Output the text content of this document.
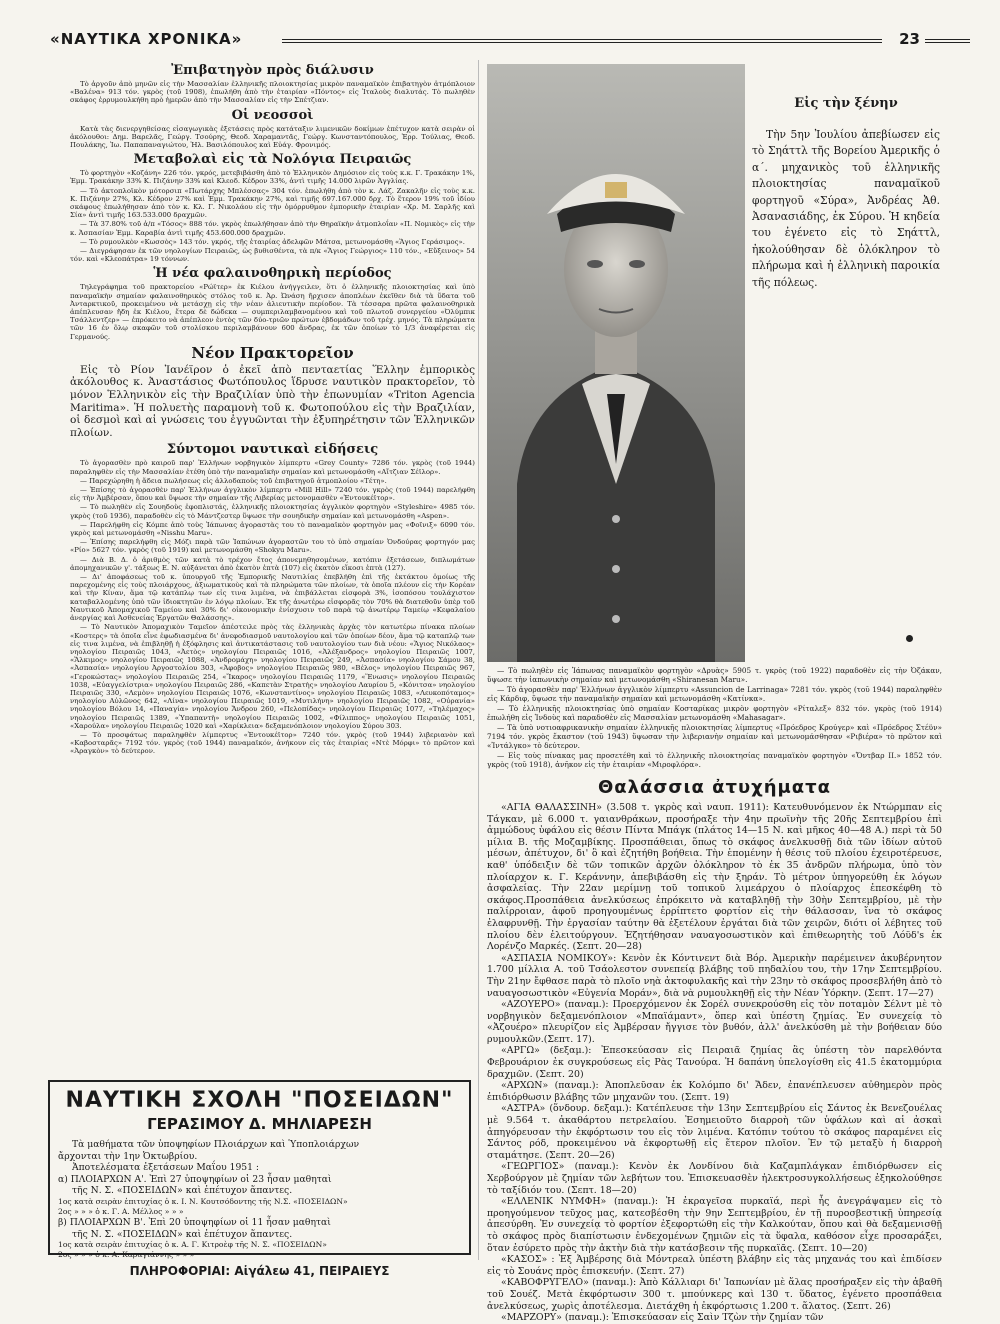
«ΝΑΥΤΙΚΑ ΧΡΟΝΙΚΑ»	23
Ἐπιβατηγὸν πρὸς διάλυσιν

Τὸ ἀργοῦν ἀπὸ μηνῶν εἰς τὴν Μασσαλίαν ἑλληνικῆς πλοιοκτησίας μικρὸν παναμαϊκὸν ἐπιβατηγὸν ἀτμόπλοιον «Βαλένα» 913 τόν. γκρὸς (τοῦ 1908), ἐπωλήθη ἀπὸ τὴν ἑταιρίαν «Πόντος» εἰς Ἰταλοὺς διαλυτάς. Τὸ πωληθὲν σκάφος ἐρρυμουλκήθη πρὸ ἡμερῶν ἀπὸ τὴν Μασσαλίαν εἰς τὴν Σπέτζιαν.

Οἱ νεοσσοὶ

Κατὰ τὰς διενεργηθείσας εἰσαγωγικὰς ἐξετάσεις πρὸς κατάταξιν λιμενικῶν δοκίμων ἐπέτυχον κατὰ σειρὰν οἱ ἀκόλουθοι: Δημ. Βαρελᾶς, Γεώργ. Τσούρης, Θεοδ. Χαραμαντᾶς, Γεώργ. Κωνσταντόπουλος, Ἑρρ. Τούλιας, Θεοδ. Πουλάκης, Ἰω. Παπαπαναγιώτου, Ἠλ. Βασιλόπουλος καὶ Εὐάγ. Φρονιμός.

Μεταβολαὶ εἰς τὰ Νολόγια Πειραιῶς

Τὸ φορτηγὸν «Κοζάνη» 226 τόν. γκρός, μετεβιβάσθη ἀπὸ τὸ Ἑλληνικὸν Δημόσιον εἰς τοὺς κ.κ. Γ. Τρακάκην 1%, Ἐμμ. Τρακάκην 33% Κ. Πιζάνην 33% καὶ Κλεοδ. Κέδρον 33%, ἀντὶ τιμῆς 14.000 λιρῶν Ἀγγλίας.

— Τὸ ἀκτοπλοϊκὸν μότορσιπ «Πωτάρχης Μπλέσσας» 304 τόν. ἐπωλήθη ἀπὸ τὸν κ. Λάζ. Ζακαλῆν εἰς τοὺς κ.κ. Κ. Πιζάνην 27%, Κλ. Κέδρον 27% καὶ Ἐμμ. Τρακάκην 27%, καὶ τιμῆς 697.167.000 δρχ. Τὸ ἕτερον 19% τοῦ ἰδίου σκάφους ἐπωλήθησαν ἀπὸ τὸν κ. Κλ. Γ. Νικολάου εἰς τὴν ὁμόρρυθμον ἐμπορικὴν ἑταιρίαν «Χρ. Μ. Σαρλῆς καὶ Σία» ἀντὶ τιμῆς 163.533.000 δραχμῶν.

— Τὰ 37.80% τοῦ ἀ/π «Τόσος» 888 τόν. γκρὸς ἐπωλήθησαν ἀπὸ τὴν Θηραϊκὴν ἀτμοπλοΐαν «Π. Νομικὸς» εἰς τὴν κ. Ἀσπασίαν Ἐμμ. Καραβία ἀντὶ τιμῆς 453.600.000 δραχμῶν.

— Τὸ ρυμουλκὸν «Κωσσὸς» 143 τόν. γκρός, τῆς ἑταιρίας ἀδελφῶν Μάτσα, μετωνομάσθη «Ἅγιος Γεράσιμος».

— Διεγράφησαν ἐκ τῶν νηολογίων Πειραιῶς, ὡς βυθισθέντα, τὰ π/κ «Ἅγιος Γεώργιος» 110 τόν., «Εὔξεινος» 54 τόν. καὶ «Κλεοπάτρα» 19 τόννων.

Ἡ νέα φαλαινοθηρικὴ περίοδος

Τηλεγράφημα τοῦ πρακτορείου «Ρώϊτερ» ἐκ Κιέλου ἀνήγγειλεν, ὅτι ὁ ἑλληνικῆς πλοιοκτησίας καὶ ὑπὸ παναμαϊκὴν σημαίαν φαλαινοθηρικὸς στόλος τοῦ κ. Ἀρ. Ὠνάση ἤρχισεν ἀποπλέων ἐκεῖθεν διὰ τὰ ὕδατα τοῦ Ἀνταρκτικοῦ, προκειμένου νὰ μετάσχῃ εἰς τὴν νέαν ἁλιευτικὴν περίοδον. Τὰ τέσσαρα πρῶτα φαλαινοθηρικὰ ἀπέπλευσαν ἤδη ἐκ Κιέλου, ἕτερα δὲ δώδεκα — συμπεριλαμβανομένου καὶ τοῦ πλωτοῦ συνεργείου «Ὀλύμπικ Τσάλλεντζερ» — ἐπρόκειτο νὰ ἀπέπλεον ἐντὸς τῶν δύο-τριῶν πρώτων ἑβδομάδων τοῦ τρέχ. μηνός. Τὰ πληρώματα τῶν 16 ἐν ὅλῳ σκαφῶν τοῦ στολίσκου περιλαμβάνουν 600 ἄνδρας, ἐκ τῶν ὁποίων τὸ 1/3 ἀναφέρεται εἰς Γερμανούς.

Νέον Πρακτορεῖον

Εἰς τὸ Ρίον Ἰανέϊρον ὁ ἐκεῖ ἀπὸ πενταετίας Ἕλλην ἐμπορικὸς ἀκόλουθος κ. Ἀναστάσιος Φωτόπουλος ἵδρυσε ναυτικὸν πρακτορεῖον, τὸ μόνον Ἑλληνικὸν εἰς τὴν Βραζιλίαν ὑπὸ τὴν ἐπωνυμίαν «Triton Agencia Maritima». Ἡ πολυετὴς παραμονὴ τοῦ κ. Φωτοπούλου εἰς τὴν Βραζιλίαν, οἱ δεσμοὶ καὶ αἱ γνώσεις του ἐγγυῶνται τὴν ἐξυπηρέτησιν τῶν Ἑλληνικῶν πλοίων.

Σύντομοι ναυτικαὶ εἰδήσεις

Τὸ ἀγορασθὲν πρὸ καιροῦ παρ' Ἑλλήνων νορβηγικὸν λίμπερτυ «Grey County» 7286 τόν. γκρὸς (τοῦ 1944) παραληφθὲν εἰς τὴν Μασσαλίαν ἐτέθη ὑπὸ τὴν παναμαϊκὴν σημαίαν καὶ μετωνομάσθη «Αἴτζιαν Σέϊλορ».

— Παρεχώρηθη ἡ ἄδεια πωλήσεως εἰς ἀλλοδαποὺς τοῦ ἐπιβατηγοῦ ἀτμοπλοίου «Τέτη».

— Ἐπίσης τὸ ἀγορασθὲν παρ' Ἑλλήνων ἀγγλικὸν λίμπερτυ «Mill Hill» 7240 τόν. γκρὸς (τοῦ 1944) παρελήφθη εἰς τὴν Ἀμβέρσαν, ὅπου καὶ ὕψωσε τὴν σημαίαν τῆς Λιβερίας μετονομασθὲν «Ἐντουκέϊτορ».

— Τὸ πωληθὲν εἰς Σουηδοὺς ἐφοπλιστάς, ἑλληνικῆς πλοιοκτησίας ἀγγλικὸν φορτηγὸν «Styleshire» 4985 τόν. γκρὸς (τοῦ 1936), παραδοθὲν εἰς τὸ Μάντζεστερ ὕψωσε τὴν σουηδικὴν σημαίαν καὶ μετωνομάσθη «Aspen».

— Παρελήφθη εἰς Κόμπε ἀπὸ τοὺς Ἰάπωνας ἀγοραστὰς του τὸ παναμαϊκὸν φορτηγὸν μας «Φοῖνιξ» 6090 τόν. γκρὸς καὶ μετωνομάσθη «Nisshu Maru».

— Ἐπίσης παρελήφθη εἰς Μόζι παρὰ τῶν Ἰαπώνων ἀγοραστῶν του τὸ ὑπὸ σημαίαν Ὁνδούρας φορτηγόν μας «Ρίο» 5627 τόν. γκρὸς (τοῦ 1919) καὶ μετωνομάσθη «Shokyu Maru».

— Διὰ Β. Δ. ὁ ἀριθμὸς τῶν κατὰ τὸ τρέχον ἔτος ἀπονεμηθησομένων, κατόπιν ἐξετάσεων, διπλωμάτων ἀπομηχανικῶν γ'. τάξεως Ε. Ν. αὐξάνεται ἀπὸ ἑκατὸν ἑπτὰ (107) εἰς ἑκατὸν εἴκοσι ἑπτὰ (127).

— Δι' ἀποφάσεως τοῦ κ. ὑπουργοῦ τῆς Ἐμπορικῆς Ναυτιλίας ἐπεβλήθη ἐπὶ τῆς ἐκτάκτου ὁμοίως τῆς παρεχομένης εἰς τοὺς πλοιάρχους, ἀξιωματικοὺς καὶ τὰ πληρώματα τῶν πλοίων, τὰ ὁποῖα πλέουν εἰς τὴν Κορέαν καὶ τὴν Κίναν, ἅμα τῷ κατάπλῳ των εἰς τινα λιμένα, νὰ ἐπιβάλλεται εἰσφορὰ 3%, ἰσοπόσου τουλάχιστον καταβαλλομένης ὑπὸ τῶν ἰδιοκτητῶν ἐν λόγῳ πλοίων. Ἐκ τῆς ἀνωτέρω εἰσφορᾶς τὸν 70% θὰ διατεθοῦν ὑπὲρ τοῦ Ναυτικοῦ Ἀπομαχικοῦ Ταμείου καὶ 30% δι' οἰκονομικὴν ἐνίσχυσιν τοῦ παρὰ τῷ ἀνωτέρῳ Ταμείῳ «Κεφαλαίου ἀνεργίας καὶ Ἀσθενείας Ἐργατῶν Θαλάσσης».

— Τὸ Ναυτικὸν Ἀπομαχικὸν Ταμεῖον ἀπέστειλε πρὸς τὰς ἑλληνικὰς ἀρχὰς τὸν κατωτέρω πίνακα πλοίων «Κοστερς» τὰ ὁποῖα εἶνε ἐφωδιασμένα δι' ἀνεφοδιασμοῦ ναυτολογίου καὶ τῶν ὁποίων δέον, ἅμα τῷ καταπλῷ των εἰς τινα λιμένα, νὰ ἐπιβληθῇ ἡ ἐξόφλησις καὶ ἀντικατάστασις τοῦ ναυτολογίου των διὰ νέου: «Ἅγιος Νικόλαος» νηολογίου Πειραιῶς 1043, «Ἀετὸς» νηολογίου Πειραιῶς 1016, «Ἀλέξανδρος» νηολογίου Πειραιῶς 1007, «Ἄλκιμος» νηολογίου Πειραιῶς 1088, «Ἀνδρομάχη» νηολογίου Πειραιῶς 249, «Ἀσπασία» νηολογίου Σάμου 38, «Ἀσπασία» νηολογίου Ἀργοστολίου 303, «Ἀφοβος» νηολογίου Πειραιῶς 980, «Βέλος» νηολογίου Πειραιῶς 967, «Γεροκώστας» νηολογίου Πειραιῶς 254, «Ἴκαρος» νηολογίου Πειραιῶς 1179, «Ἕνωσις» νηολογίου Πειραιῶς 1038, «Εὐαγγελίστρια» νηολογίου Πειραιῶς 286, «Καπετὰν Στρατὴς» νηολογίου Λαυρίου 5, «Κόνιτσα» νηολογίου Πειραιῶς 330, «Λεμὸν» νηολογίου Πειραιῶς 1076, «Κωνσταντίνος» νηολογίου Πειραιῶς 1083, «Λευκοπόταμος» νηολογίου Αὐλῶνος 642, «Λίνα» νηολογίου Πειραιῶς 1019, «Μυτιλήνη» νηολογίου Πειραιῶς 1082, «Οὐρανία» νηολογίου Βόλου 14, «Παναγία» νηολογίου Ἄνδρου 260, «Πελοπίδας» νηολογίου Πειραιῶς 1077, «Τηλέμαχος» νηολογίου Πειραιῶς 1389, «Ὑπαπαντὴ» νηολογίου Πειραιῶς 1002, «Φίλιππος» νηολογίου Πειραιῶς 1051, «Χαρούλα» νηολογίου Πειραιῶς 1020 καὶ «Χαρίκλεια» δεξαμενόπλοιον νηολογίου Σύρου 303.

— Τὸ προσφάτως παραληφθὲν λίμπερτυς «Ἐντουκέϊτορ» 7240 τόν. γκρὸς (τοῦ 1944) λιβεριανὸν καὶ «Καβοσταρᾶς» 7192 τόν. γκρὸς (τοῦ 1944) παναμαϊκόν, ἀνήκουν εἰς τὰς ἑταιρίας «Ντὲ Μόρφι» τὸ πρῶτον καὶ «Ἀραγκὸν» τὸ δεύτερον.

ΝΑΥΤΙΚΗ ΣΧΟΛΗ "ΠΟΣΕΙΔΩΝ"
ΓΕΡΑΣΙΜΟΥ Δ. ΜΗΛΙΑΡΕΣΗ
Τὰ μαθήματα τῶν ὑποψηφίων Πλοιάρχων καὶ Ὑποπλοιάρχων
ἄρχονται τὴν 1ην Ὀκτωβρίου.
Ἀποτελέσματα ἐξετάσεων Μαΐου 1951 :
α) ΠΛΟΙΑΡΧΩΝ Α'. Ἐπὶ 27 ὑποψηφίων οἱ 23 ἦσαν μαθηταὶ
τῆς Ν. Σ. «ΠΟΣΕΙΔΩΝ» καὶ ἐπέτυχον ἅπαντες.
1ος κατὰ σειρὰν ἐπιτυχίας ὁ κ. Ι. Ν. Κουτσόδοντης τῆς Ν.Σ. «ΠΟΣΕΙΔΩΝ»
2ος » » » ὁ κ. Γ. Α. Μέλλος » » »
β) ΠΛΟΙΑΡΧΩΝ Β'. Ἐπὶ 20 ὑποψηφίων οἱ 11 ἦσαν μαθηταὶ
τῆς Ν. Σ. «ΠΟΣΕΙΔΩΝ» καὶ ἐπέτυχον ἅπαντες.
1ος κατὰ σειρὰν ἐπιτυχίας ὁ κ. Α. Γ. Κιτροὲφ τῆς Ν. Σ. «ΠΟΣΕΙΔΩΝ»
2ος » » » ὁ κ. Α. Καραγιάννης » » »
ΠΛΗΡΟΦΟΡΙΑΙ: Αἰγάλεω 41, ΠΕΙΡΑΙΕΥΣ
Εἰς τὴν ξένην
Τὴν 5ην Ἰουλίου ἀπεβίωσεν εἰς τὸ Σηάττλ τῆς Βορείου Ἀμερικῆς ὁ α΄. μηχανικὸς τοῦ ἑλληνικῆς πλοιοκτησίας παναμαϊκοῦ φορτηγοῦ «Σύρα», Ἀνδρέας Ἀθ. Ἀσανασιάδης, ἐκ Σύρου. Ἡ κηδεία του ἐγένετο εἰς τὸ Σηάττλ, ἠκολούθησαν δὲ ὁλόκληρον τὸ πλήρωμα καὶ ἡ ἑλληνικὴ παροικία τῆς πόλεως.

— Τὸ πωληθὲν εἰς Ἰάπωνας παναμαϊκὸν φορτηγὸν «Δρυὰς» 5905 τ. γκρὸς (τοῦ 1922) παραδοθὲν εἰς τὴν Ὀζάκαν, ὕψωσε τὴν ἰαπωνικὴν σημαίαν καὶ μετωνομάσθη «Shiranesan Maru».

— Τὸ ἀγορασθὲν παρ' Ἑλλήνων ἀγγλικὸν λίμπερτυ «Assuncion de Larrinaga» 7281 τόν. γκρὸς (τοῦ 1944) παραληφθὲν εἰς Κάρδιφ, ὕψωσε τὴν παναμαϊκὴν σημαίαν καὶ μετωνομάσθη «Κατίνκα».

— Τὸ ἑλληνικῆς πλοιοκτησίας ὑπὸ σημαίαν Κοσταρίκας μικρὸν φορτηγὸν «Ρίταλεξ» 832 τόν. γκρὸς (τοῦ 1914) ἐπωλήθη εἰς Ἰνδοὺς καὶ παραδοθὲν εἰς Μασσαλίαν μετωνομάσθη «Mahasagar».

— Τὰ ὑπὸ νοτιοαφρικανικὴν σημαίαν ἑλληνικῆς πλοιοκτησίας λίμπερτυς «Πρόεδρος Κρούγερ» καὶ «Πρόεδρος Στέϋν» 7194 τόν. γκρὸς ἕκαστον (τοῦ 1943) ὕψωσαν τὴν λιβεριανὴν σημαίαν καὶ μετωνομάσθησαν «Ριβιέρα» τὸ πρῶτον καὶ «Ἰντάλγκο» τὸ δεύτερον.

— Εἰς τοὺς πίνακας μας προσετέθη καὶ τὸ ἑλληνικῆς πλοιοκτησίας παναμαϊκὸν φορτηγὸν «Ὄντβαρ ΙΙ.» 1852 τόν. γκρὸς (τοῦ 1918), ἀνῆκον εἰς τὴν ἑταιρίαν «Μιροφλόρα».

Θαλάσσια ἀτυχήματα

«ΑΓΙΑ ΘΑΛΑΣΣΙΝΗ» (3.508 τ. γκρὸς καὶ ναυπ. 1911): Κατευθυνόμενον ἐκ Ντώρμπαν εἰς Τάγκαν, μὲ 6.000 τ. γαιανθράκων, προσήραξε τὴν 4ην πρωϊνὴν τῆς 20ῆς Σεπτεμβρίου ἐπὶ ἀμμώδους ὑφάλου εἰς θέσιν Πίντα Μπάγκ (πλάτος 14—15 Ν. καὶ μῆκος 40—48 Α.) περὶ τὰ 50 μίλια Β. τῆς Μοζαμβίκης. Προσπάθειαι, ὅπως τὸ σκάφος ἀνελκυσθῇ διὰ τῶν ἰδίων αὐτοῦ μέσων, ἀπέτυχον, δι' ὃ καὶ ἐζητήθη βοήθεια. Τὴν ἑπομένην ἡ θέσις τοῦ πλοίου ἐχειροτέρευσε, καθ' ὑπόδειξιν δὲ τῶν τοπικῶν ἀρχῶν ὁλόκληρον τὸ ἐκ 35 ἀνδρῶν πλήρωμα, ὑπὸ τὸν πλοίαρχον κ. Γ. Κεράννην, ἀπεβιβάσθη εἰς τὴν ξηράν. Τὸ μέτρον ὑπηγορεύθη ἐκ λόγων ἀσφαλείας. Τὴν 22αν μερίμνῃ τοῦ τοπικοῦ λιμεάρχου ὁ πλοίαρχος ἐπεσκέφθη τὸ σκάφος.Προσπάθεια ἀνελκύσεως ἐπρόκειτο νὰ καταβληθῇ τὴν 30ὴν Σεπτεμβρίου, μὲ τὴν παλίρροιαν, ἀφοῦ προηγουμένως ἐρρίπτετο φορτίον εἰς τὴν θάλασσαν, ἵνα τὸ σκάφος ἐλαφρυνθῇ. Τὴν ἐργασίαν ταύτην θὰ ἐξετέλουν ἐργάται διὰ τῶν χειρῶν, διότι οἱ λέβητες τοῦ πλοίου δὲν ἐλειτούργουν. Ἐζητήθησαν ναυαγοσωστικὸν καὶ ἐπιθεωρητὴς τοῦ Λόϋδ's ἐκ Λορένζο Μαρκές. (Σεπτ. 20—28)

«ΑΣΠΑΣΙΑ ΝΟΜΙΚΟΥ»: Κενὸν ἐκ Κόντινεντ διὰ Βόρ. Ἀμερικὴν παρέμεινεν ἀκυβέρνητον 1.700 μίλλια Α. τοῦ Τσάολεστον συνεπείᾳ βλάβης τοῦ πηδαλίου του, τὴν 17ην Σεπτεμβρίου. Τὴν 21ην ἔφθασε παρὰ τὸ πλοῖο νηὰ ἀκτοφυλακῆς καὶ τὴν 23ην τὸ σκάφος προσεβλήθη ἀπὸ τὸ ναυαγοσωστικὸν «Εὐγενία Μοράν», διὰ νὰ ρυμουλκηθῇ εἰς τὴν Νέαν Ὑόρκην. (Σεπτ. 17—27)

«ΑΖΟΥΕΡΟ» (παναμ.): Προερχόμενον ἐκ Σορέλ συνεκρούσθη εἰς τὸν ποταμὸν Σέλντ μὲ τὸ νορβηγικὸν δεξαμενόπλοιον «Μπαϊάμαντ», ὅπερ καὶ ὑπέστη ζημίας. Ἐν συνεχείᾳ τὸ «Ἀζουέρο» πλευρίζον εἰς Ἀμβέρσαν ἤγγισε τὸν βυθόν, ἀλλ' ἀνελκύσθη μὲ τὴν βοήθειαν δύο ρυμουλκῶν.(Σεπτ. 17).

«ΑΡΓΩ» (δεξαμ.): Ἐπεσκεύασαν εἰς Πειραιᾶ ζημίας ἃς ὑπέστη τὸν παρελθόντα Φεβρουάριον ἐκ συγκρούσεως εἰς Ρὰς Τανούρα. Ἡ δαπάνη ὑπελογίσθη εἰς 41.5 ἑκατομμύρια δραχμῶν. (Σεπτ. 20)

«ΑΡΧΩΝ» (παναμ.): Ἀποπλεῦσαν ἐκ Κολόμπο δι' Ἄδεν, ἐπανέπλευσεν αὐθημερὸν πρὸς ἐπιδιόρθωσιν βλάβης τῶν μηχανῶν του. (Σεπτ. 19)

«ΑΣΤΡΑ» (ὅνδουρ. δεξαμ.): Κατέπλευσε τὴν 13ην Σεπτεμβρίου εἰς Σάντος ἐκ Βενεζουέλας μὲ 9.564 τ. ἀκαθάρτου πετρελαίου. Ἐσημειοῦτο διαρροὴ τῶν ὑφάλων καὶ αἱ ἀσκαὶ ἀπηγόρευσαν τὴν ἐκφόρτωσιν του εἰς τὸν λιμένα. Κατόπιν τούτου τὸ σκάφος παραμένει εἰς Σάντος ρόδ, προκειμένου νὰ ἐκφορτωθῇ εἰς ἕτερον πλοῖον. Ἐν τῷ μεταξὺ ἡ διαρροὴ σταμάτησε. (Σεπτ. 20—26)

«ΓΕΩΡΓΙΟΣ» (παναμ.): Κενὸν ἐκ Λονδίνου διὰ Καζαμπλάγκαν ἐπιδιόρθωσεν εἰς Χερβούργον μὲ ζημίαν τῶν λεβήτων του. Ἐπισκευασθὲν ἠλεκτροσυγκολλήσεως ἐξηκολούθησε τὸ ταξίδιόν του. (Σεπτ. 18—20)

«ΕΛΛΕΝΙΚ ΝΥΜΦΗ» (παναμ.): Ἡ ἐκραγεῖσα πυρκαϊά, περὶ ἧς ἀνεγράψαμεν εἰς τὸ προηγούμενον τεῦχος μας, κατεσβέσθη τὴν 9ην Σεπτεμβρίου, ἐν τῇ πυροσβεστικῇ ὑπηρεσίᾳ ἀπεσύρθη. Ἐν συνεχείᾳ τὸ φορτίον ἐξεφορτώθη εἰς τὴν Καλκούταν, ὅπου καὶ θὰ δεξαμενισθῇ τὸ σκάφος πρὸς διαπίστωσιν ἐνδεχομένων ζημιῶν εἰς τὰ ὕφαλα, καθόσον εἶχε προσαράξει, ὅταν ἐσύρετο πρὸς τὴν ἀκτὴν διὰ τὴν κατάσβεσιν τῆς πυρκαϊᾶς. (Σεπτ. 10—20)

«ΚΑΣΟΣ» : Ἐξ Ἀμβέρσης διὰ Μόντρεαλ ὑπέστη βλάβην εἰς τὰς μηχανάς του καὶ ἐπιδίσεν εἰς τὸ Σουάνς πρὸς ἐπισκευήν. (Σεπτ. 27)

«ΚΑΒΟΦΡΥΓΕΛΟ» (παναμ.): Ἀπὸ Κάλλιαρι δι' Ἰαπωνίαν μὲ ἅλας προσήραξεν εἰς τὴν ἀβαθῆ τοῦ Σουέζ. Μετὰ ἐκφόρτωσιν 300 τ. μπούνκερς καὶ 130 τ. ὕδατος, ἐγένετο προσπάθεια ἀνελκύσεως, χωρὶς ἀποτέλεσμα. Διετάχθη ἡ ἐκφόρτωσις 1.200 τ. ἅλατος. (Σεπτ. 26)

«ΜΑΡΖΟΡΥ» (παναμ.): Ἐπισκεύασαν εἰς Σαὶν Τζὼν τὴν ζημίαν τῶν
